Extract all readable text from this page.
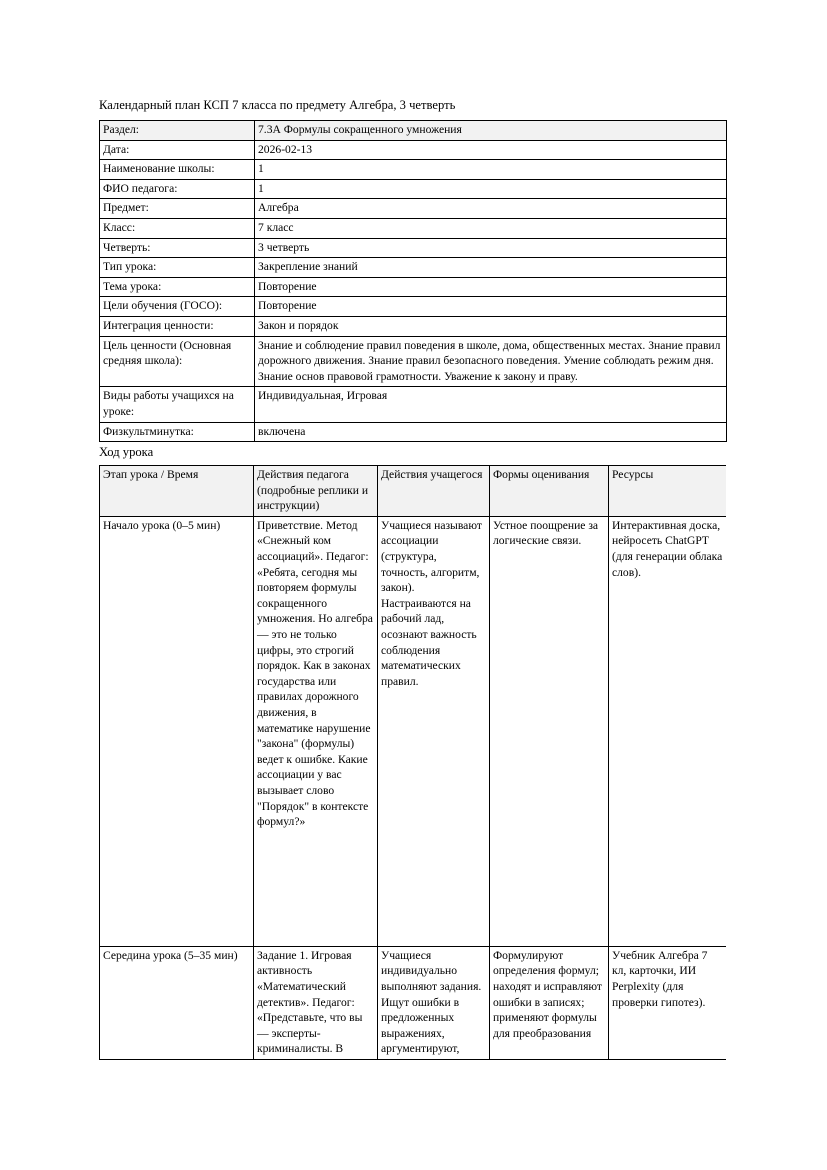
Календарный план КСП 7 класса по предмету Алгебра, 3 четверть
Раздел:	7.3А Формулы сокращенного умножения
Дата:	2026-02-13
Наименование школы:	1
ФИО педагога:	1
Предмет:	Алгебра
Класс:	7 класс
Четверть:	3 четверть
Тип урока:	Закрепление знаний
Тема урока:	Повторение
Цели обучения (ГОСО):	Повторение
Интеграция ценности:	Закон и порядок
Цель ценности (Основная средняя школа):	Знание и соблюдение правил поведения в школе, дома, общественных местах. Знание правил дорожного движения. Знание правил безопасного поведения. Умение соблюдать режим дня. Знание основ правовой грамотности. Уважение к закону и праву.
Виды работы учащихся на уроке:	Индивидуальная, Игровая
Физкультминутка:	включена
Ход урока
Этап урока / Время	Действия педагога (подробные реплики и инструкции)	Действия учащегося	Формы оценивания	Ресурсы
Начало урока (0–5 мин)	Приветствие. Метод «Снежный ком ассоциаций». Педагог: «Ребята, сегодня мы повторяем формулы сокращенного умножения. Но алгебра — это не только цифры, это строгий порядок. Как в законах государства или правилах дорожного движения, в математике нарушение "закона" (формулы) ведет к ошибке. Какие ассоциации у вас вызывает слово "Порядок" в контексте формул?»	Учащиеся называют ассоциации (структура, точность, алгоритм, закон). Настраиваются на рабочий лад, осознают важность соблюдения математических правил.	Устное поощрение за логические связи.	Интерактивная доска, нейросеть ChatGPT (для генерации облака слов).
Середина урока (5–35 мин)	Задание 1. Игровая активность «Математический детектив». Педагог: «Представьте, что вы — эксперты-криминалисты. В	Учащиеся индивидуально выполняют задания. Ищут ошибки в предложенных выражениях, аргументируют,	Формулируют определения формул; находят и исправляют ошибки в записях; применяют формулы для преобразования	Учебник Алгебра 7 кл, карточки, ИИ Perplexity (для проверки гипотез).
